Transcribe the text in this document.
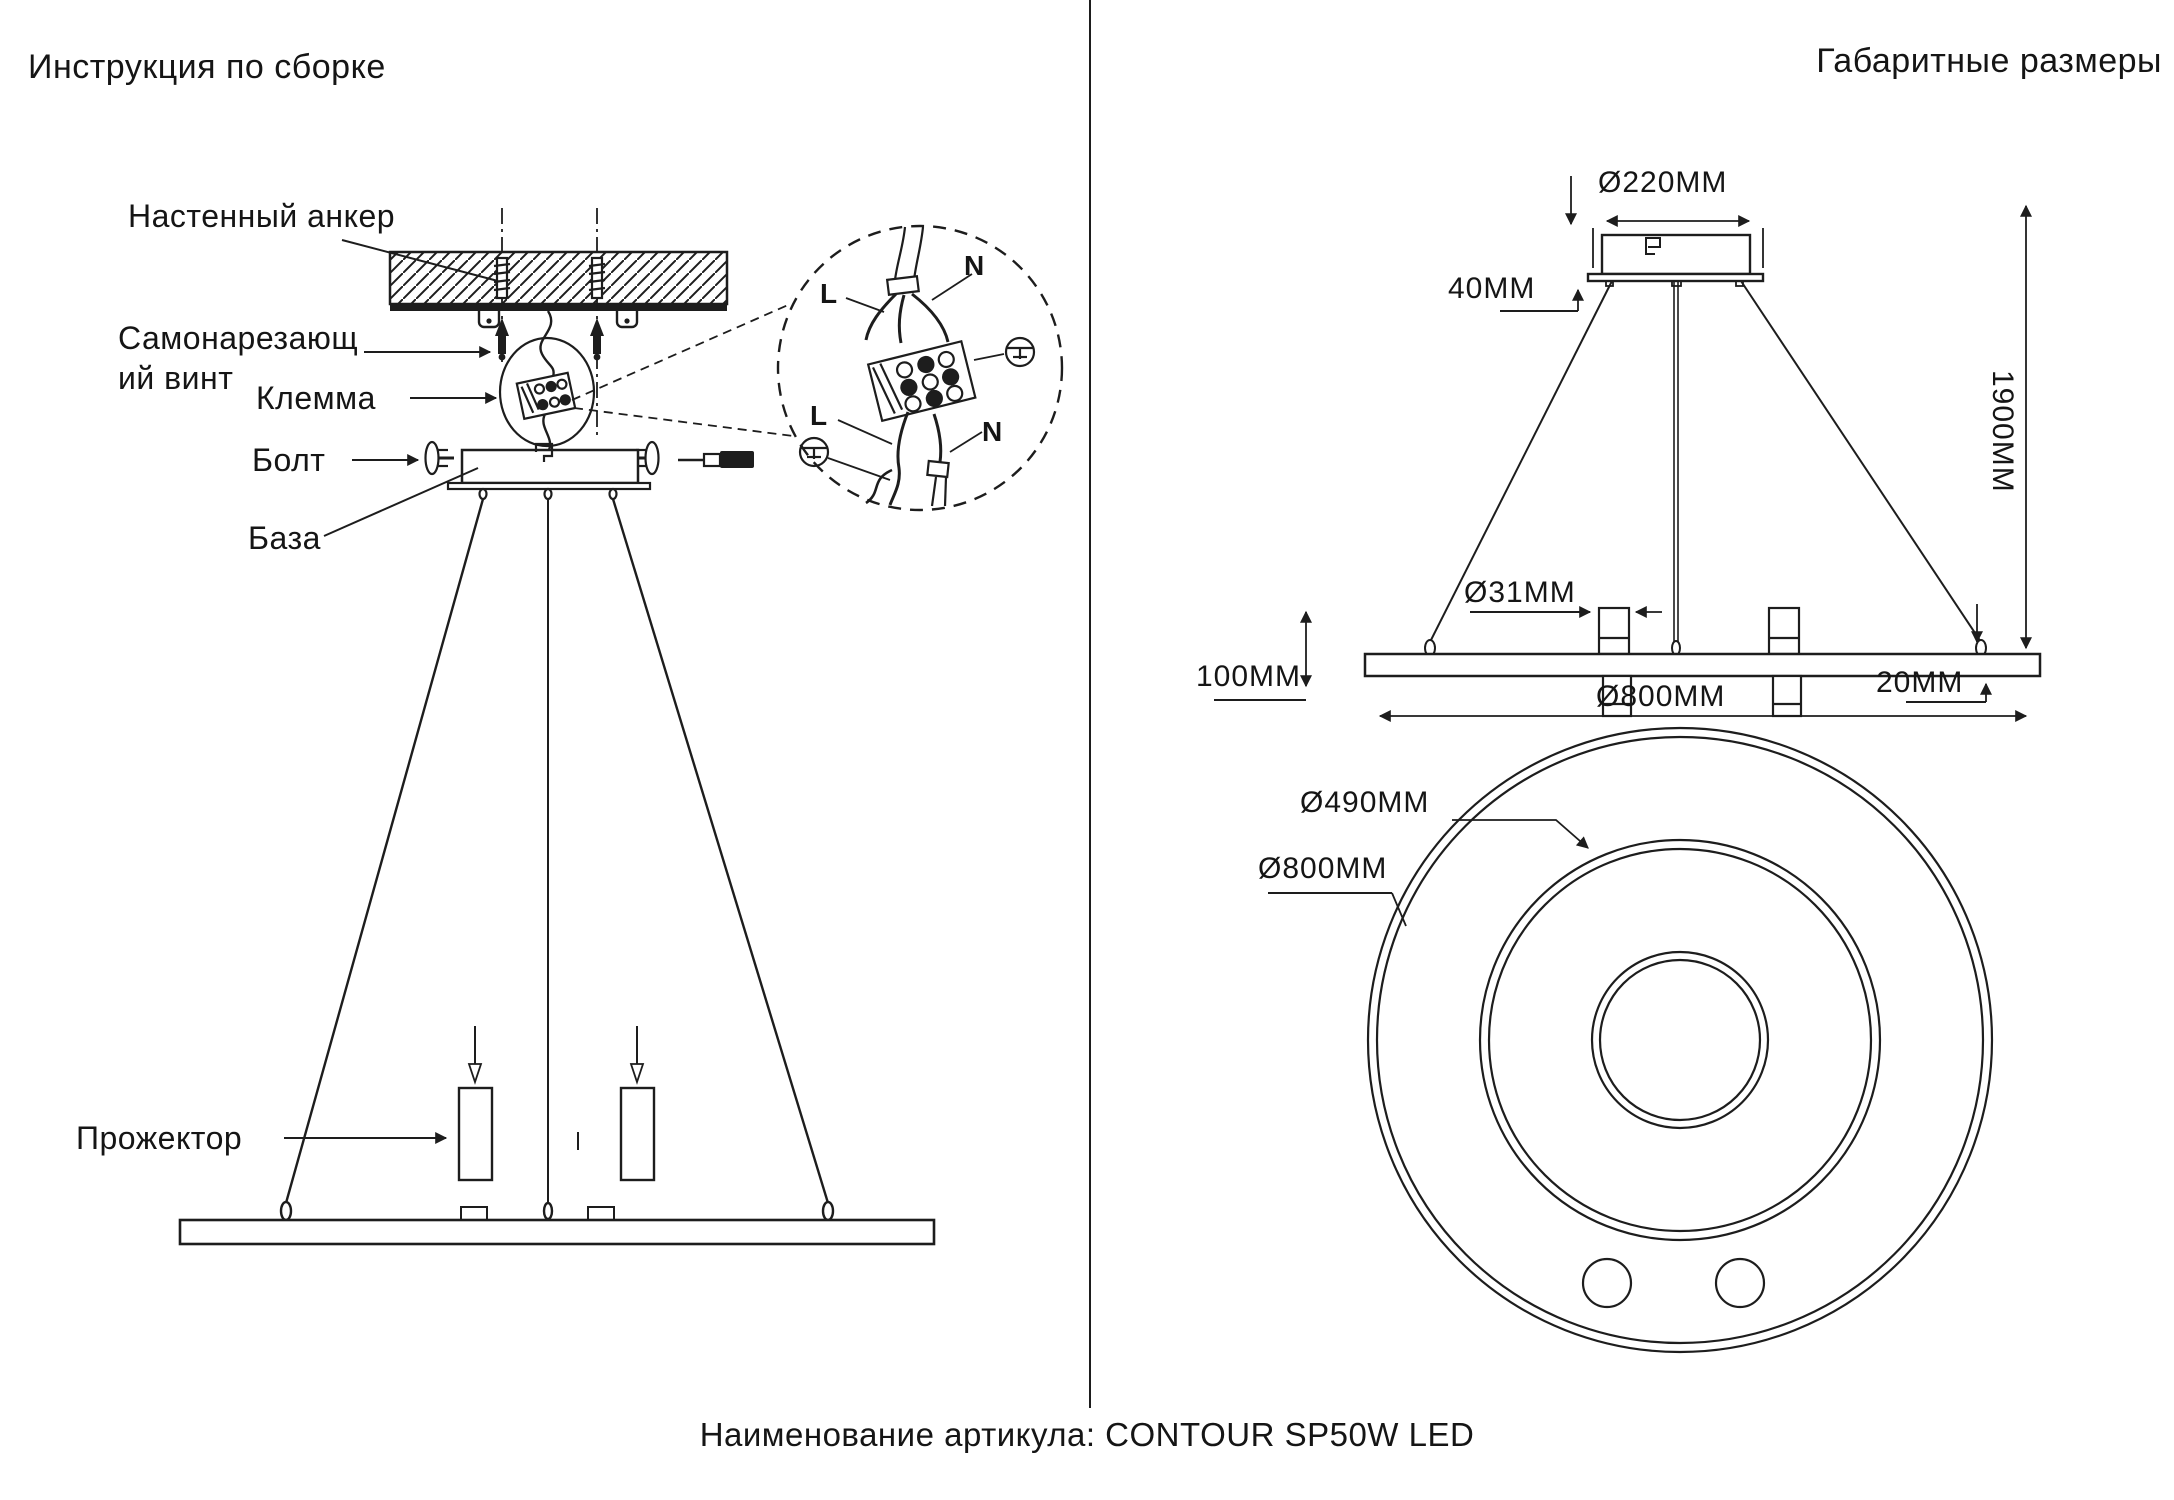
Инструкция по сборке	Габаритные размеры
Настенный анкер
Самонарезающ
ий винт
Клемма
Болт
База
Прожектор
L
N
L
N
Ø220MM
40MM
1900MM
Ø31MM
100MM
Ø800MM	20MM
Ø490MM
Ø800MM
Наименование артикула: CONTOUR SP50W LED
